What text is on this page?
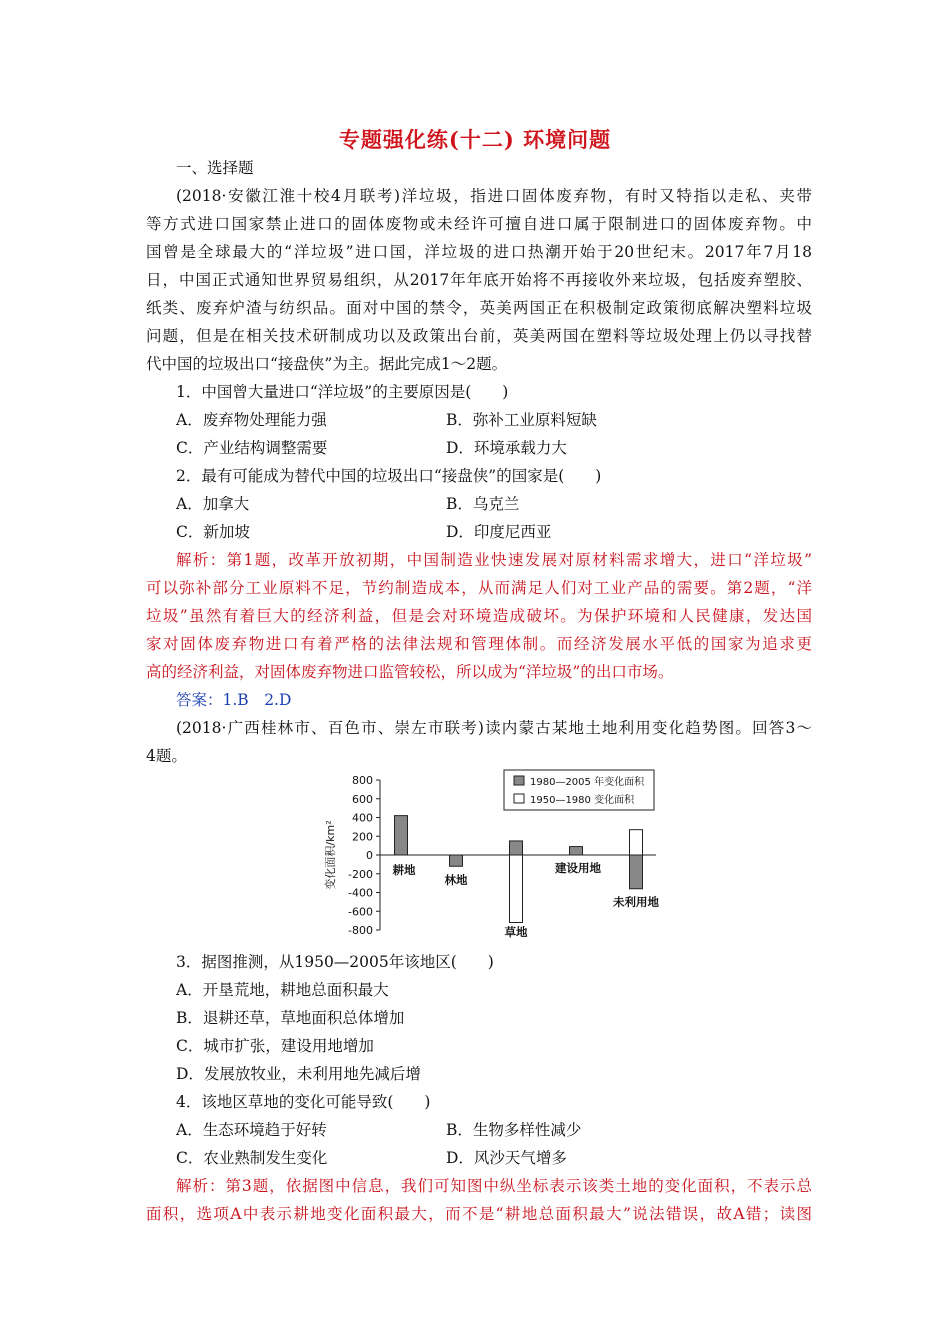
专题强化练(十二) 环境问题
一、选择题
(2018·安徽江淮十校4月联考)洋垃圾，指进口固体废弃物，有时又特指以走私、夹带
等方式进口国家禁止进口的固体废物或未经许可擅自进口属于限制进口的固体废弃物。中
国曾是全球最大的“洋垃圾”进口国，洋垃圾的进口热潮开始于20世纪末。2017年7月18
日，中国正式通知世界贸易组织，从2017年年底开始将不再接收外来垃圾，包括废弃塑胶、
纸类、废弃炉渣与纺织品。面对中国的禁令，英美两国正在积极制定政策彻底解决塑料垃圾
问题，但是在相关技术研制成功以及政策出台前，英美两国在塑料等垃圾处理上仍以寻找替
代中国的垃圾出口“接盘侠”为主。据此完成1～2题。
1．中国曾大量进口“洋垃圾”的主要原因是(　　)
A．废弃物处理能力强	B．弥补工业原料短缺
C．产业结构调整需要	D．环境承载力大
2．最有可能成为替代中国的垃圾出口“接盘侠”的国家是(　　)
A．加拿大	B．乌克兰
C．新加坡	D．印度尼西亚
解析：第1题，改革开放初期，中国制造业快速发展对原材料需求增大，进口“洋垃圾”
可以弥补部分工业原料不足，节约制造成本，从而满足人们对工业产品的需要。第2题，“洋
垃圾”虽然有着巨大的经济利益，但是会对环境造成破坏。为保护环境和人民健康，发达国
家对固体废弃物进口有着严格的法律法规和管理体制。而经济发展水平低的国家为追求更
高的经济利益，对固体废弃物进口监管较松，所以成为“洋垃圾”的出口市场。
答案：1.B　2.D
(2018·广西桂林市、百色市、崇左市联考)读内蒙古某地土地利用变化趋势图。回答3～
4题。
1980—2005 年变化面积
1950—1980 变化面积
800
600
400
200
0
-200
-400
-600
-800
变化面积/km²	耕地
林地
草地
建设用地
未利用地
3．据图推测，从1950—2005年该地区(　　)
A．开垦荒地，耕地总面积最大
B．退耕还草，草地面积总体增加
C．城市扩张，建设用地增加
D．发展放牧业，未利用地先减后增
4．该地区草地的变化可能导致(　　)
A．生态环境趋于好转	B．生物多样性减少
C．农业熟制发生变化	D．风沙天气增多
解析：第3题，依据图中信息，我们可知图中纵坐标表示该类土地的变化面积，不表示总
面积，选项A中表示耕地变化面积最大，而不是“耕地总面积最大”说法错误，故A错；读图
